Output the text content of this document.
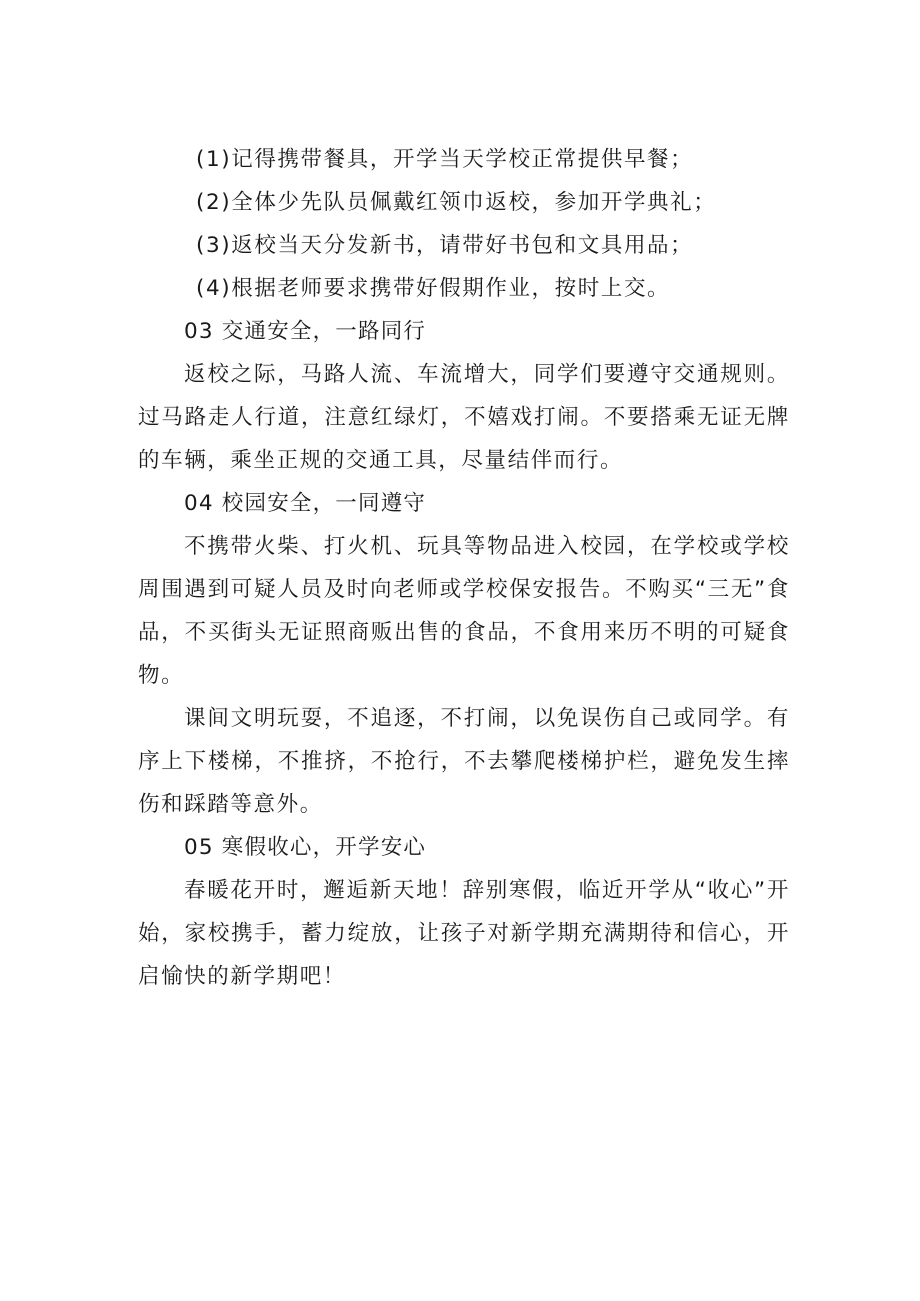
(1)记得携带餐具，开学当天学校正常提供早餐；
(2)全体少先队员佩戴红领巾返校，参加开学典礼；
(3)返校当天分发新书，请带好书包和文具用品；
(4)根据老师要求携带好假期作业，按时上交。
03 交通安全，一路同行

返校之际，马路人流、车流增大，同学们要遵守交通规则。过马路走人行道，注意红绿灯，不嬉戏打闹。不要搭乘无证无牌的车辆，乘坐正规的交通工具，尽量结伴而行。

04 校园安全，一同遵守

不携带火柴、打火机、玩具等物品进入校园，在学校或学校周围遇到可疑人员及时向老师或学校保安报告。不购买“三无”食品，不买街头无证照商贩出售的食品，不食用来历不明的可疑食物。

课间文明玩耍，不追逐，不打闹，以免误伤自己或同学。有序上下楼梯，不推挤，不抢行，不去攀爬楼梯护栏，避免发生摔伤和踩踏等意外。

05 寒假收心，开学安心

春暖花开时，邂逅新天地！辞别寒假，临近开学从“收心”开始，家校携手，蓄力绽放，让孩子对新学期充满期待和信心，开启愉快的新学期吧！
